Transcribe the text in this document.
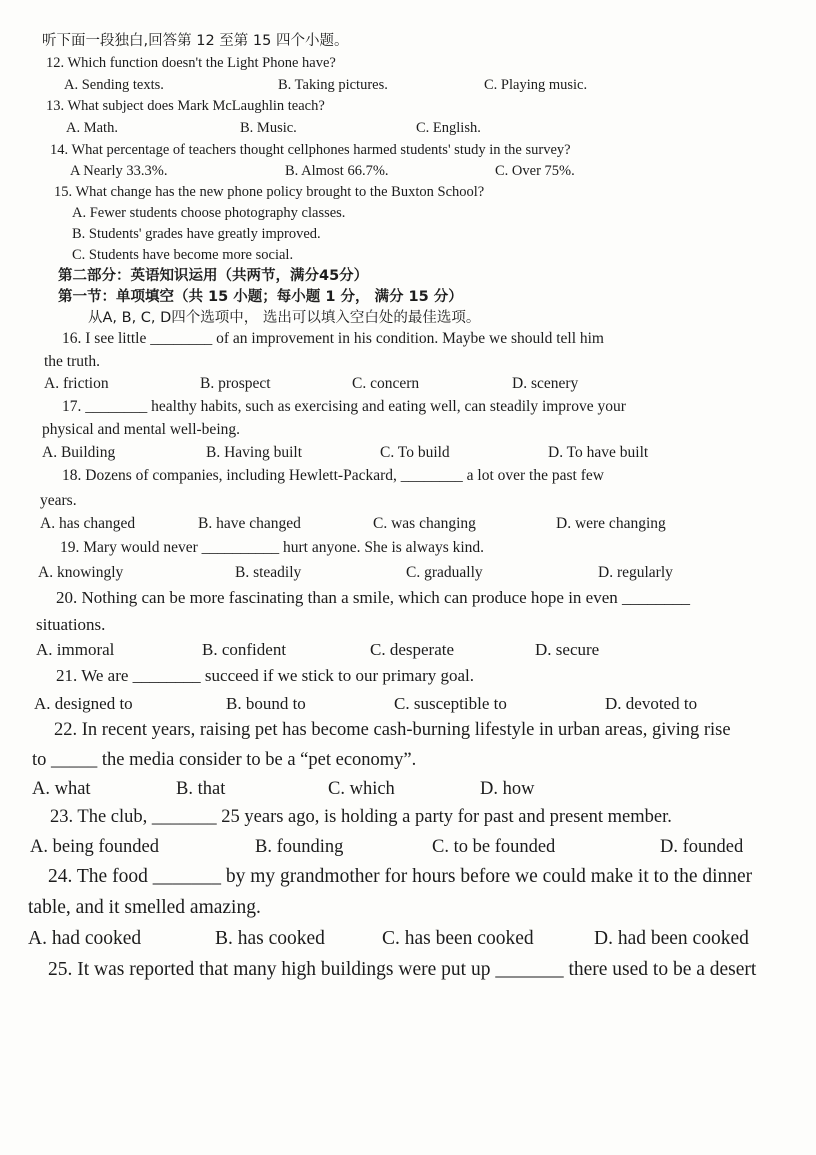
听下面一段独白,回答第 12 至第 15 四个小题。
12. Which function doesn't the Light Phone have?
A. Sending texts.	B. Taking pictures.	C. Playing music.
13. What subject does Mark McLaughlin teach?
A. Math.	B. Music.	C. English.
14. What percentage of teachers thought cellphones harmed students' study in the survey?
A Nearly 33.3%.	B. Almost 66.7%.	C. Over 75%.
15. What change has the new phone policy brought to the Buxton School?
A. Fewer students choose photography classes.
B. Students' grades have greatly improved.
C. Students have become more social.
第二部分：英语知识运用（共两节，满分45分）
第一节：单项填空（共 15 小题；每小题 1 分， 满分 15 分）
从A, B, C, D四个选项中， 选出可以填入空白处的最佳选项。
16. I see little ________ of an improvement in his condition. Maybe we should tell him
the truth.
A. friction	B. prospect	C. concern	D. scenery
17. ________ healthy habits, such as exercising and eating well, can steadily improve your
physical and mental well-being.
A. Building	B. Having built	C. To build	D. To have built
18. Dozens of companies, including Hewlett-Packard, ________ a lot over the past few
years.
A. has changed	B. have changed	C. was changing	D. were changing
19. Mary would never __________ hurt anyone. She is always kind.
A. knowingly	B. steadily	C. gradually	D. regularly
20. Nothing can be more fascinating than a smile, which can produce hope in even ________
situations.
A. immoral	B. confident	C. desperate	D. secure
21. We are ________ succeed if we stick to our primary goal.
A. designed to	B. bound to	C. susceptible to	D. devoted to
22. In recent years, raising pet has become cash-burning lifestyle in urban areas, giving rise
to _____ the media consider to be a “pet economy”.
A. what	B. that	C. which	D. how
23. The club, _______ 25 years ago, is holding a party for past and present member.
A. being founded	B. founding	C. to be founded	D. founded
24. The food _______ by my grandmother for hours before we could make it to the dinner
table, and it smelled amazing.
A. had cooked	B. has cooked	C. has been cooked	D. had been cooked
25. It was reported that many high buildings were put up _______ there used to be a desert
